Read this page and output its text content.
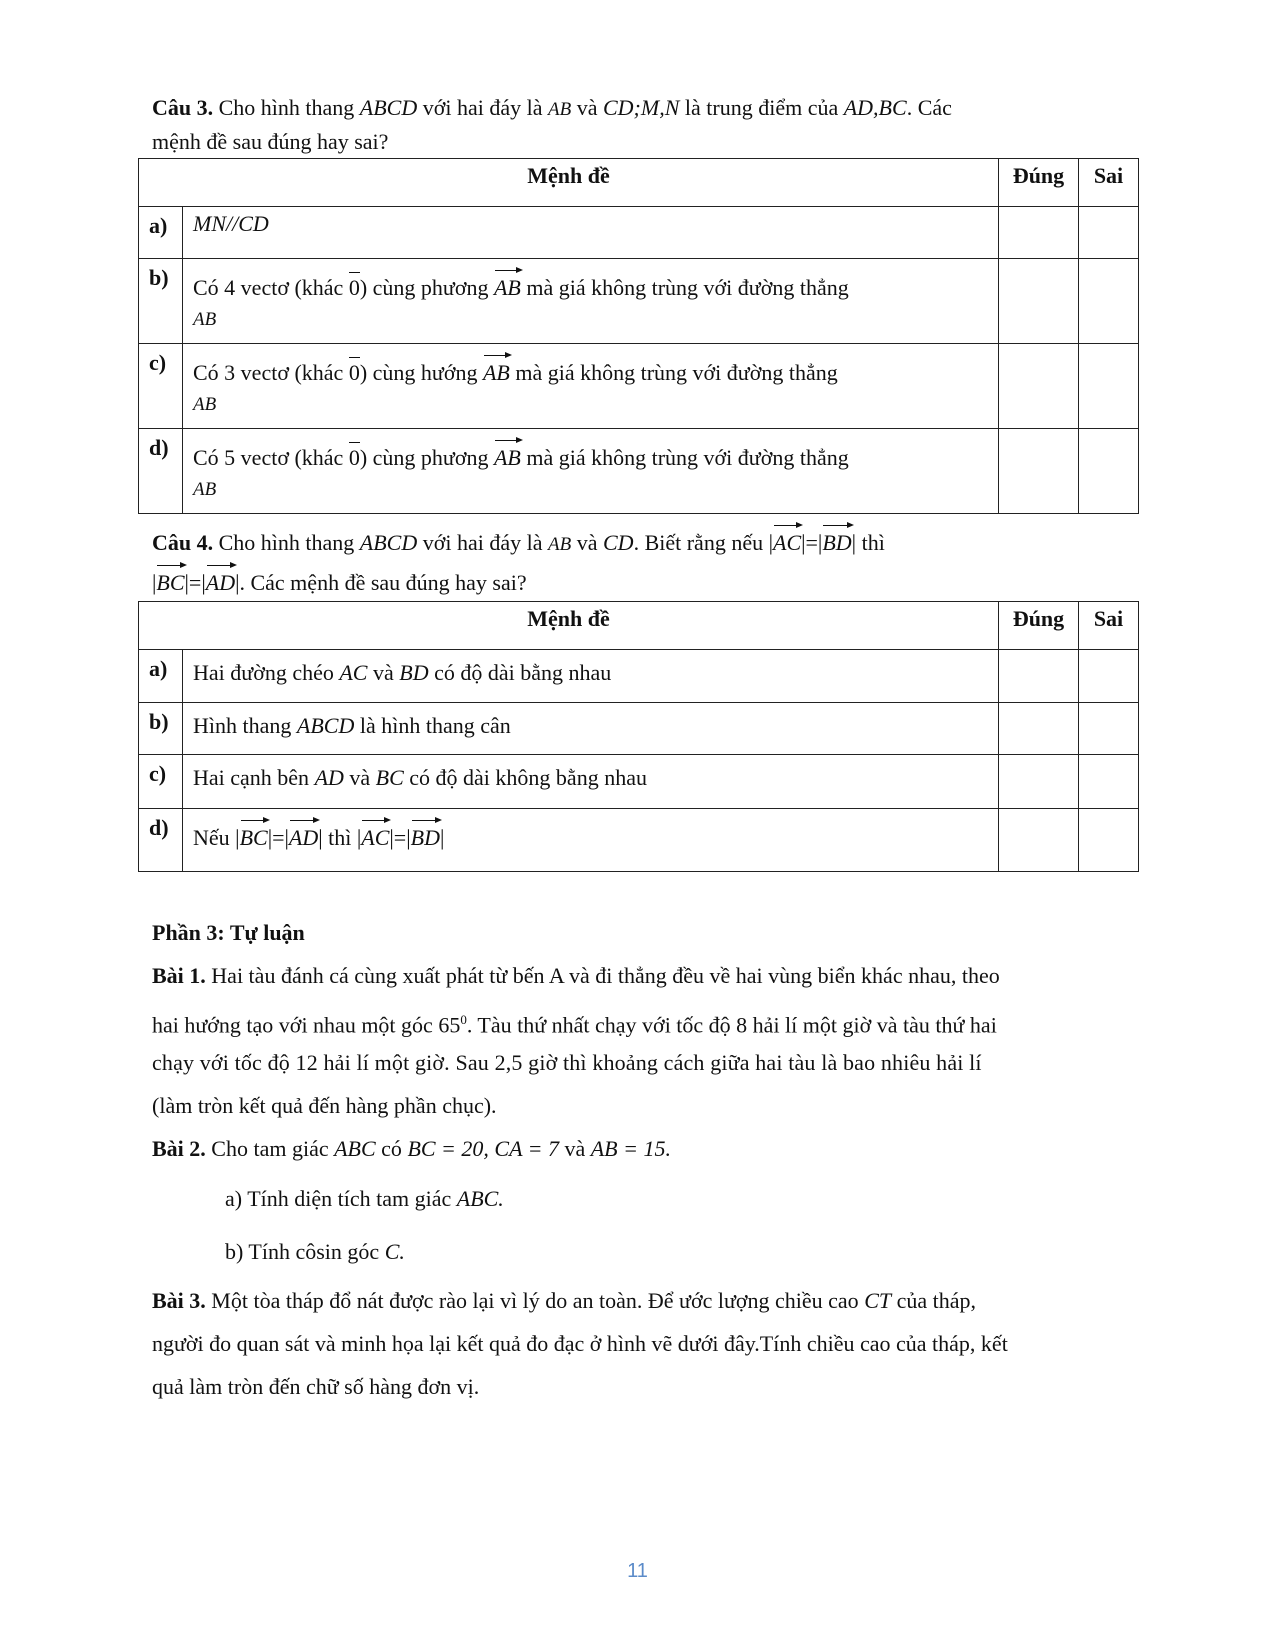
Câu 3. Cho hình thang ABCD với hai đáy là AB và CD;M,N là trung điểm của AD,BC. Các
mệnh đề sau đúng hay sai?
Mệnh đề		Đúng	Sai
a)	MN//CD		
b)	Có 4 vectơ (khác 0) cùng phương AB mà giá không trùng với đường thẳng
AB		
c)	Có 3 vectơ (khác 0) cùng hướng AB mà giá không trùng với đường thẳng
AB		
d)	Có 5 vectơ (khác 0) cùng phương AB mà giá không trùng với đường thẳng
AB		
Câu 4. Cho hình thang ABCD với hai đáy là AB và CD. Biết rằng nếu |AC|=|BD| thì
|BC|=|AD|. Các mệnh đề sau đúng hay sai?
Mệnh đề		Đúng	Sai
a)	Hai đường chéo AC và BD có độ dài bằng nhau		
b)	Hình thang ABCD là hình thang cân		
c)	Hai cạnh bên AD và BC có độ dài không bằng nhau		
d)	Nếu |BC|=|AD| thì |AC|=|BD|		
Phần 3: Tự luận
Bài 1. Hai tàu đánh cá cùng xuất phát từ bến A và đi thẳng đều về hai vùng biển khác nhau, theo
hai hướng tạo với nhau một góc $65^0$. Tàu thứ nhất chạy với tốc độ 8 hải lí một giờ và tàu thứ hai
chạy với tốc độ 12 hải lí một giờ. Sau 2,5 giờ thì khoảng cách giữa hai tàu là bao nhiêu hải lí
(làm tròn kết quả đến hàng phần chục).
Bài 2. Cho tam giác ABC có BC = 20, CA = 7 và AB = 15.
a) Tính diện tích tam giác ABC.
b) Tính côsin góc C.
Bài 3. Một tòa tháp đổ nát được rào lại vì lý do an toàn. Để ước lượng chiều cao CT của tháp,
người đo quan sát và minh họa lại kết quả đo đạc ở hình vẽ dưới đây.Tính chiều cao của tháp, kết
quả làm tròn đến chữ số hàng đơn vị.
11
